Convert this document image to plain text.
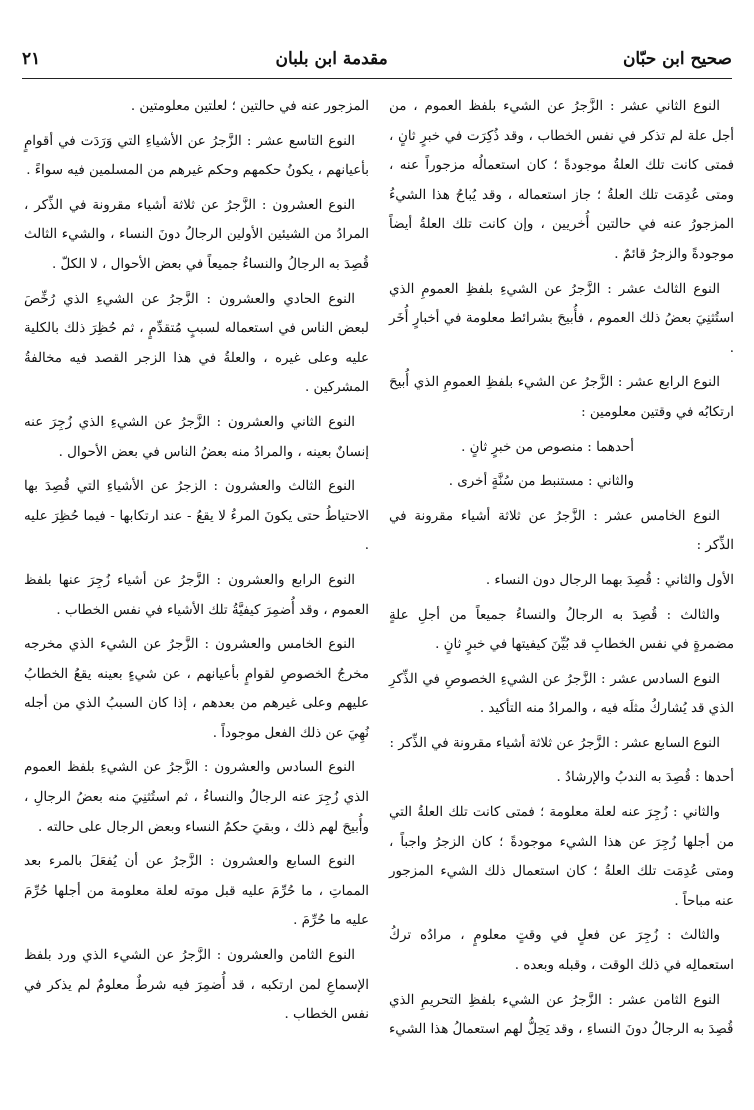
صحيح ابن حبّان
مقدمة ابن بلبان
٢١

النوع الثاني عشر : الزَّجرُ عن الشيء بلفظ العموم ، من أجل علة لم تذكر في نفس الخطاب ، وقد ذُكِرَت في خبرٍ ثانٍ ، فمتى كانت تلك العلةُ موجودةً ؛ كان استعمالُه مزجوراً عنه ، ومتى عُدِمَت تلك العلةُ ؛ جاز استعماله ، وقد يُباحُ هذا الشيءُ المزجورُ عنه في حالتين أُخريين ، وإن كانت تلك العلةُ أيضاً موجودةً والزجرُ قائمٌ .

النوع الثالث عشر : الزَّجرُ عن الشيءِ بلفظِ العمومِ الذي استُثنِيَ بعضُ ذلك العموم ، فأُبيحَ بشرائط معلومة في أخبارٍ أُخَر .

النوع الرابع عشر : الزَّجرُ عن الشيء بلفظِ العمومِ الذي أُبيحَ ارتكابُه في وقتين معلومين :

أحدهما : منصوص من خبرٍ ثانٍ .

والثاني : مستنبط من سُنَّةٍ أخرى .

النوع الخامس عشر : الزَّجرُ عن ثلاثة أشياء مقرونة في الذِّكر :

الأول والثاني : قُصِدَ بهما الرجال دون النساء .

والثالث : قُصِدَ به الرجالُ والنساءُ جميعاً من أجلِ علةٍ مضمرةٍ في نفس الخطابِ قد بُيِّنَ كيفيتها في خبرٍ ثانٍ .

النوع السادس عشر : الزَّجرُ عن الشيءِ الخصوصِ في الذِّكرِ الذي قد يُشاركُ مثلَه فيه ، والمرادُ منه التأكيد .

النوع السابع عشر : الزَّجرُ عن ثلاثة أشياء مقرونة في الذِّكر :

أحدها : قُصِدَ به الندبُ والإرشادُ .

والثاني : زُجِرَ عنه لعلة معلومة ؛ فمتى كانت تلك العلةُ التي من أجلها زُجِرَ عن هذا الشيء موجودةً ؛ كان الزجرُ واجباً ، ومتى عُدِمَت تلك العلةُ ؛ كان استعمال ذلك الشيء المزجور عنه مباحاً .

والثالث : زُجِرَ عن فعلٍ في وقتٍ معلومٍ ، مرادُه تركُ استعمالِه في ذلك الوقت ، وقبله وبعده .

النوع الثامن عشر : الزَّجرُ عن الشيء بلفظِ التحريمِ الذي قُصِدَ به الرجالُ دونَ النساءِ ، وقد يَحِلُّ لهم استعمالُ هذا الشيء

المزجور عنه في حالتين ؛ لعلتين معلومتين .

النوع التاسع عشر : الزَّجرُ عن الأشياءِ التي وَرَدَت في أقوامٍ بأعيانهم ، يكونُ حكمهم وحكم غيرهم من المسلمين فيه سواءً .

النوع العشرون : الزَّجرُ عن ثلاثة أشياء مقرونة في الذِّكر ، المرادُ من الشيئين الأولين الرجالُ دونَ النساء ، والشيء الثالث قُصِدَ به الرجالُ والنساءُ جميعاً في بعض الأحوال ، لا الكلّ .

النوع الحادي والعشرون : الزَّجرُ عن الشيءِ الذي رُخِّصَ لبعض الناس في استعماله لسببٍ مُتقدِّمٍ ، ثم حُظِرَ ذلك بالكلية عليه وعلى غيره ، والعلةُ في هذا الزجر القصد فيه مخالفةُ المشركين .

النوع الثاني والعشرون : الزَّجرُ عن الشيءِ الذي زُجِرَ عنه إنسانٌ بعينه ، والمرادُ منه بعضُ الناس في بعض الأحوال .

النوع الثالث والعشرون : الزجرُ عن الأشياءِ التي قُصِدَ بها الاحتياطُ حتى يكونَ المرءُ لا يقعُ - عند ارتكابها - فيما حُظِرَ عليه .

النوع الرابع والعشرون : الزَّجرُ عن أشياء زُجِرَ عنها بلفظ العموم ، وقد أُضمِرَ كيفيَّةُ تلك الأشياء في نفس الخطاب .

النوع الخامس والعشرون : الزَّجرُ عن الشيء الذي مخرجه مخرجُ الخصوصِ لقوامٍ بأعيانهم ، عن شيءٍ بعينه يقعُ الخطابُ عليهم وعلى غيرهم من بعدهم ، إذا كان السببُ الذي من أجله نُهِيَ عن ذلك الفعل موجوداً .

النوع السادس والعشرون : الزَّجرُ عن الشيءِ بلفظ العموم الذي زُجِرَ عنه الرجالُ والنساءُ ، ثم استُثنِيَ منه بعضُ الرجالِ ، وأُبيحَ لهم ذلك ، وبقيَ حكمُ النساء وبعض الرجال على حالته .

النوع السابع والعشرون : الزَّجرُ عن أن يُفعَلَ بالمرء بعد المماتِ ، ما حُرِّمَ عليه قبل موته لعلة معلومة من أجلها حُرِّمَ عليه ما حُرِّمَ .

النوع الثامن والعشرون : الزَّجرُ عن الشيء الذي ورد بلفظ الإسماعِ لمن ارتكبه ، قد أُضمِرَ فيه شرطٌ معلومٌ لم يذكر في نفس الخطاب .
